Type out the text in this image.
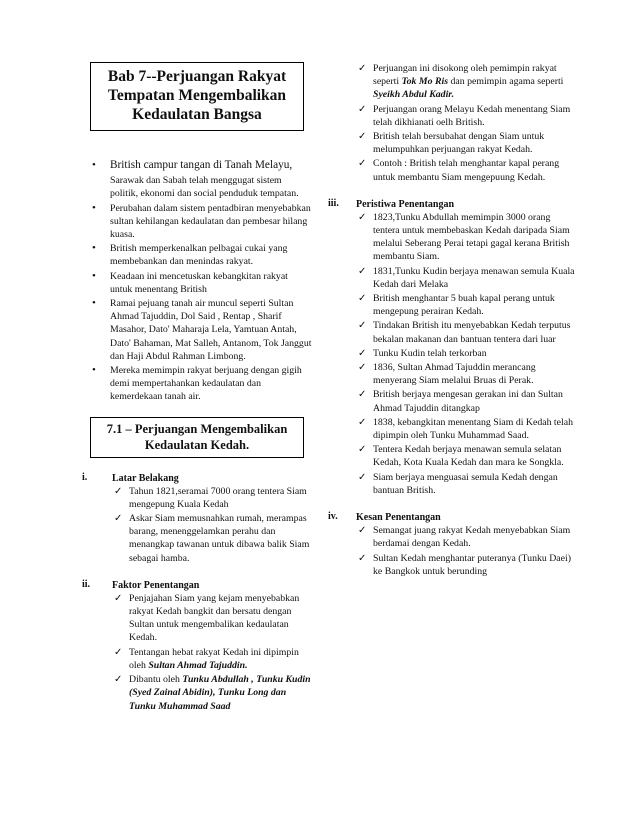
Bab 7--Perjuangan Rakyat Tempatan Mengembalikan Kedaulatan Bangsa
• British campur tangan di Tanah Melayu,
Sarawak dan Sabah telah menggugat sistem politik, ekonomi dan social penduduk tempatan.
• Perubahan dalam sistem pentadbiran menyebabkan sultan kehilangan kedaulatan dan pembesar hilang kuasa.
• British memperkenalkan pelbagai cukai yang membebankan dan menindas rakyat.
• Keadaan ini mencetuskan kebangkitan rakyat untuk menentang British
• Ramai pejuang tanah air muncul seperti Sultan Ahmad Tajuddin, Dol Said , Rentap , Sharif Masahor, Dato' Maharaja Lela, Yamtuan Antah, Dato' Bahaman, Mat Salleh, Antanom, Tok Janggut dan Haji Abdul Rahman Limbong.
• Mereka memimpin rakyat berjuang dengan gigih demi mempertahankan kedaulatan dan kemerdekaan tanah air.
7.1 – Perjuangan Mengembalikan Kedaulatan Kedah.
i.	Latar Belakang
✓ Tahun 1821,seramai 7000 orang tentera Siam mengepung Kuala Kedah
✓ Askar Siam memusnahkan rumah, merampas barang, menenggelamkan perahu dan menangkap tawanan untuk dibawa balik Siam sebagai hamba.
ii.	Faktor Penentangan
✓ Penjajahan Siam yang kejam menyebabkan rakyat Kedah bangkit dan bersatu dengan Sultan untuk mengembalikan kedaulatan Kedah.
✓ Tentangan hebat rakyat Kedah ini dipimpin oleh Sultan Ahmad Tajuddin.
✓ Dibantu oleh Tunku Abdullah , Tunku Kudin (Syed Zainal Abidin), Tunku Long dan Tunku Muhammad Saad
✓ Perjuangan ini disokong oleh pemimpin rakyat seperti Tok Mo Ris dan pemimpin agama seperti Syeikh Abdul Kadir.
✓ Perjuangan orang Melayu Kedah menentang Siam telah dikhianati oelh British.
✓ British telah bersubahat dengan Siam untuk melumpuhkan perjuangan rakyat Kedah.
✓ Contoh : British telah menghantar kapal perang untuk membantu Siam mengepuung Kedah.
iii.	Peristiwa Penentangan
✓ 1823,Tunku Abdullah memimpin 3000 orang tentera untuk membebaskan Kedah daripada Siam melalui Seberang Perai tetapi gagal kerana British membantu Siam.
✓ 1831,Tunku Kudin berjaya menawan semula Kuala Kedah dari Melaka
✓ British menghantar 5 buah kapal perang untuk mengepung perairan Kedah.
✓ Tindakan British itu menyebabkan Kedah terputus bekalan makanan dan bantuan tentera dari luar
✓ Tunku Kudin telah terkorban
✓ 1836, Sultan Ahmad Tajuddin merancang menyerang Siam melalui Bruas di Perak.
✓ British berjaya mengesan gerakan ini dan Sultan Ahmad Tajuddin ditangkap
✓ 1838, kebangkitan menentang Siam di Kedah telah dipimpin oleh Tunku Muhammad Saad.
✓ Tentera Kedah berjaya menawan semula selatan Kedah, Kota Kuala Kedah dan mara ke Songkla.
✓ Siam berjaya menguasai semula Kedah dengan bantuan British.
iv.	Kesan Penentangan
✓ Semangat juang rakyat Kedah menyebabkan Siam berdamai dengan Kedah.
✓ Sultan Kedah menghantar puteranya (Tunku Daei) ke Bangkok untuk berunding
